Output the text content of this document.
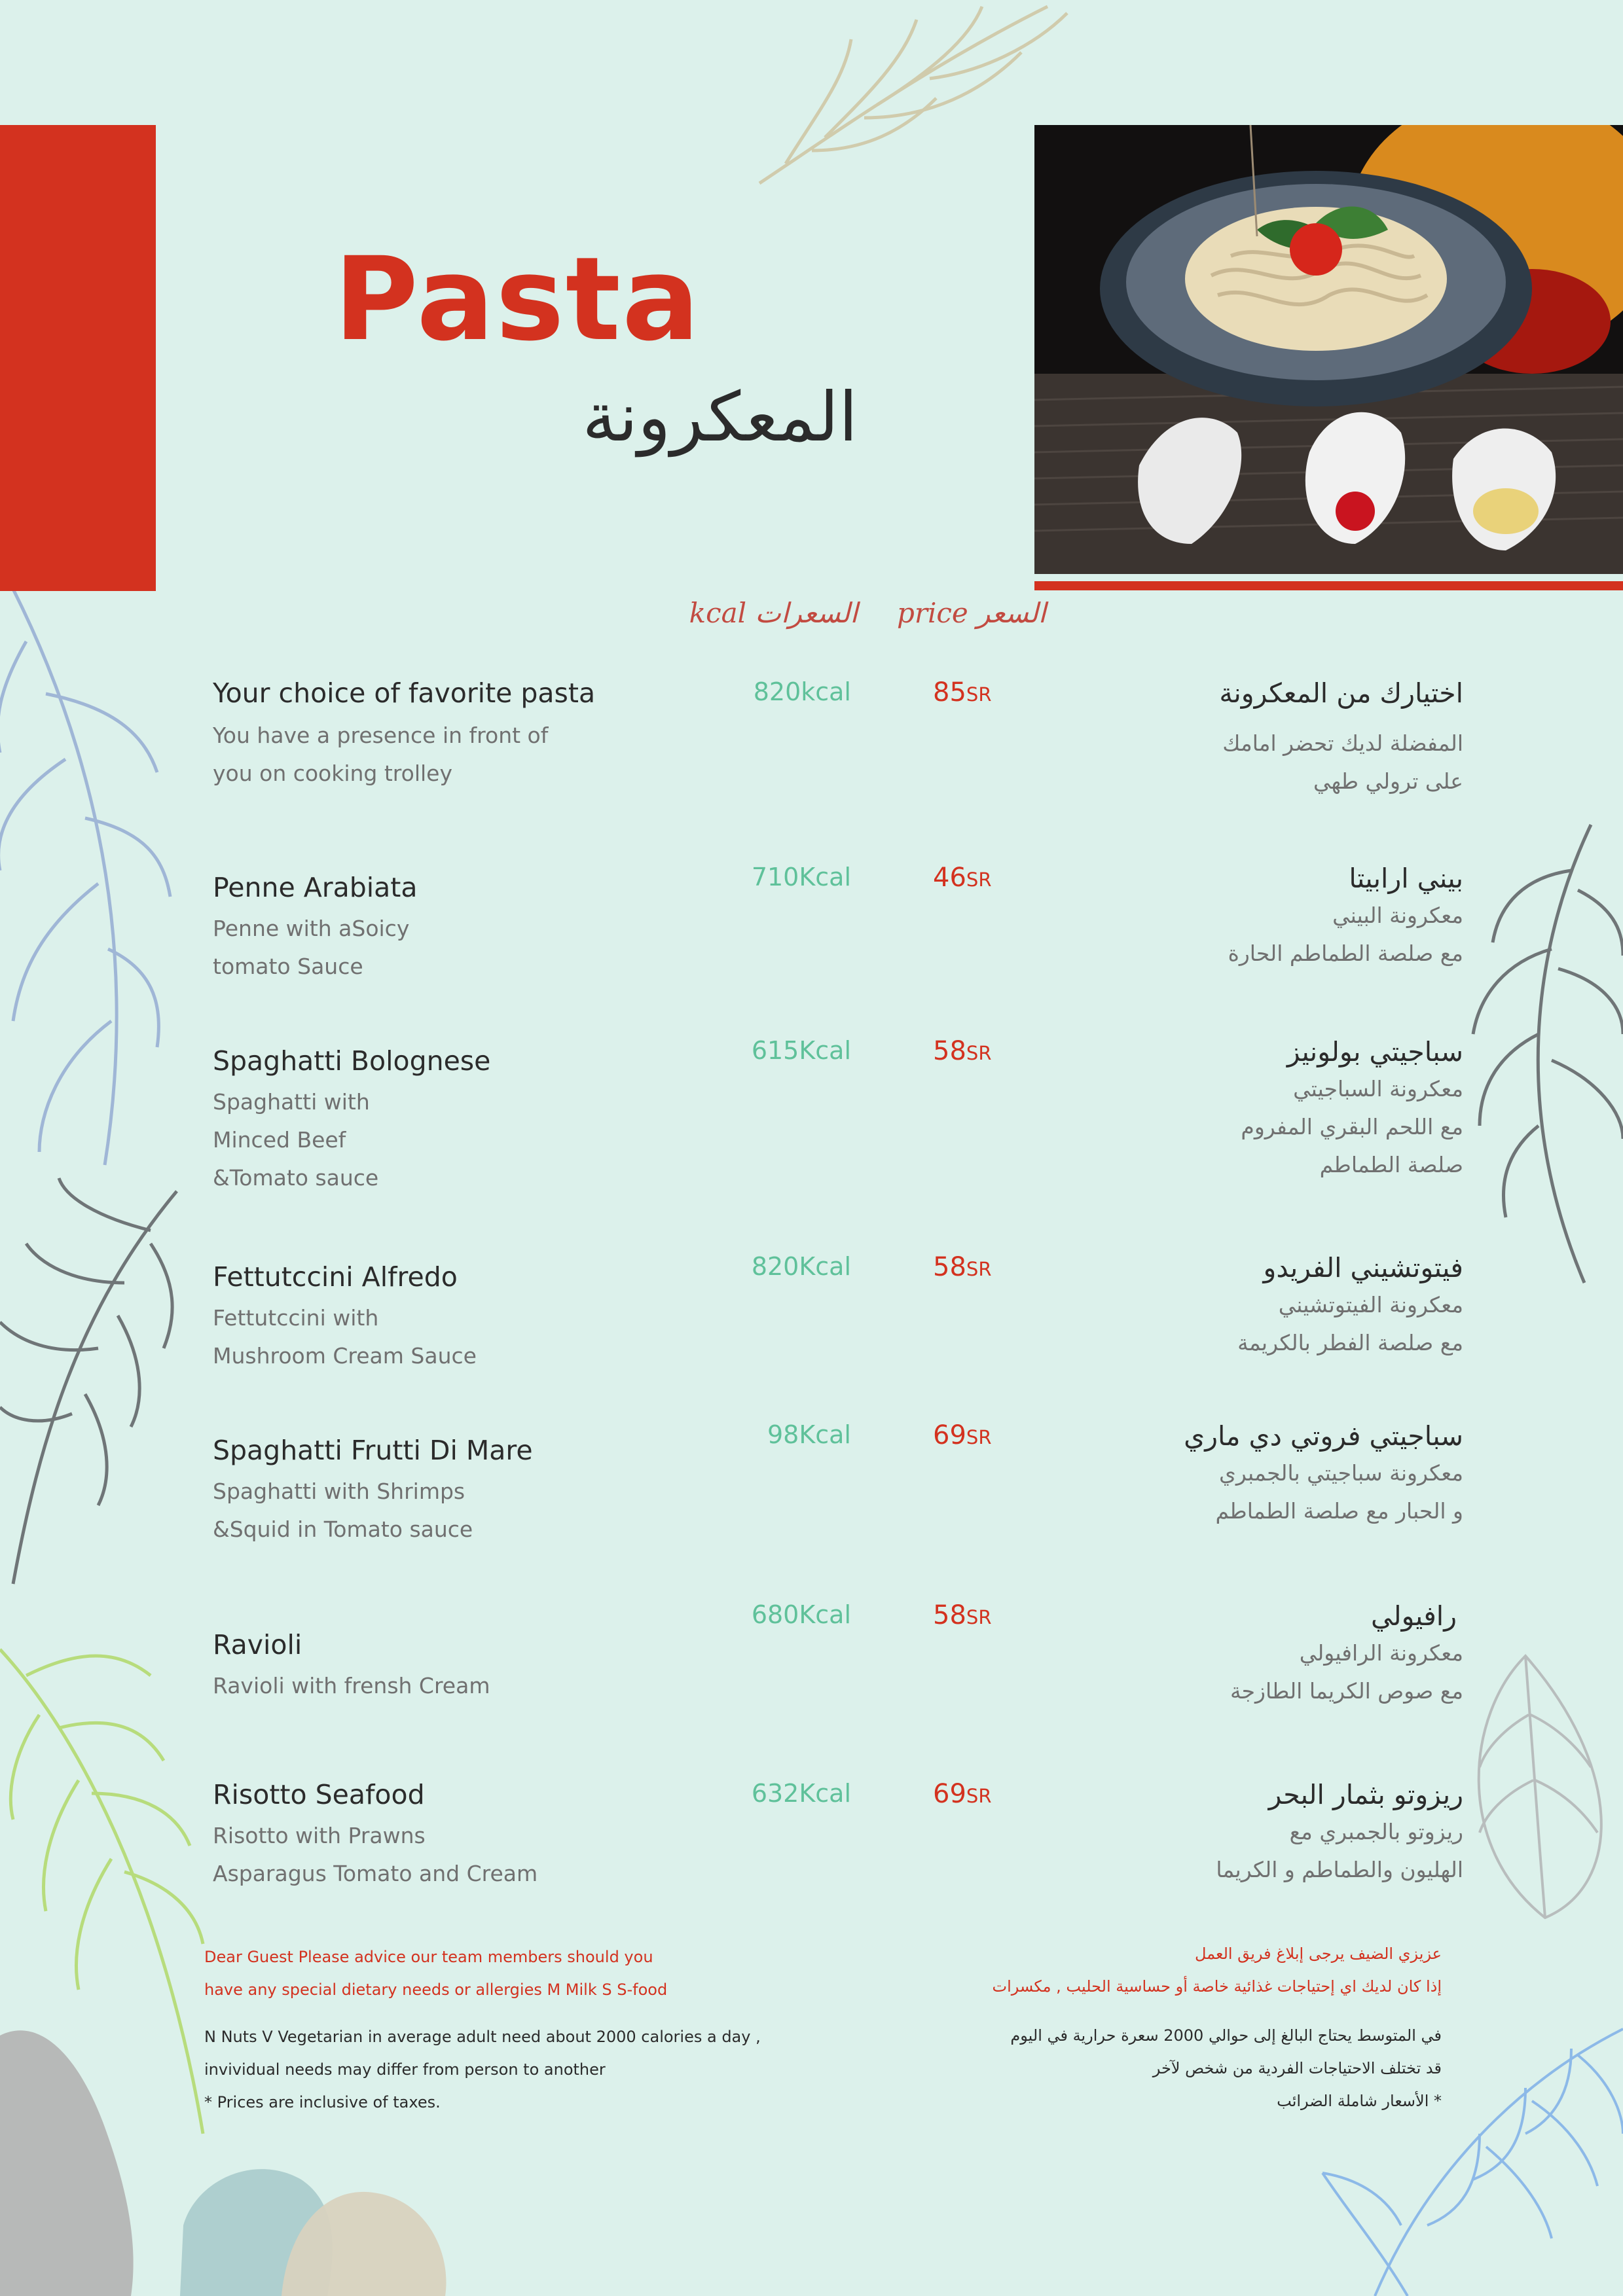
Pasta
المعكرونة
kcal السعرات price السعر
Your choice of favorite pasta
You have a presence in front of
you on cooking trolley
820kcal	85SR	اختيارك من المعكرونة
المفضلة لديك تحضر امامك
على ترولي طهي
Penne Arabiata
Penne with aSoicy
tomato Sauce
710Kcal	46SR	بيني ارابيتا
معكرونة البيني
مع صلصة الطماطم الحارة
Spaghatti Bolognese
Spaghatti with
Minced Beef
&Tomato sauce
615Kcal	58SR	سباجيتي بولونيز
معكرونة السباجيتي
مع اللحم البقري المفروم
صلصة الطماطم
Fettutccini Alfredo
Fettutccini with
Mushroom Cream Sauce
820Kcal	58SR	فيتوتشيني الفريدو
معكرونة الفيتوتشيني
مع صلصة الفطر بالكريمة
Spaghatti Frutti Di Mare
Spaghatti with Shrimps
&Squid in Tomato sauce
98Kcal	69SR	سباجيتي فروتي دي ماري
معكرونة سباجيتي بالجمبري
و الحبار مع صلصة الطماطم
Ravioli
Ravioli with frensh Cream
680Kcal	58SR	رافيولي
معكرونة الرافيولي
مع صوص الكريما الطازجة
Risotto Seafood
Risotto with Prawns
Asparagus Tomato and Cream
632Kcal	69SR	ريزوتو بثمار البحر
ريزوتو بالجمبري مع
الهليون والطماطم و الكريما
Dear Guest Please advice our team members should you
have any special dietary needs or allergies M Milk S S-food
N Nuts V Vegetarian in average adult need about 2000 calories a day ,
invividual needs may differ from person to another
* Prices are inclusive of taxes.
عزيزي الضيف يرجى إبلاغ فريق العمل
إذا كان لديك اي إحتياجات غذائية خاصة أو حساسية الحليب , مكسرات
في المتوسط يحتاج البالغ إلى حوالي 2000 سعرة حرارية في اليوم
قد تختلف الاحتياجات الفردية من شخص لآخر
* الأسعار شاملة الضرائب
